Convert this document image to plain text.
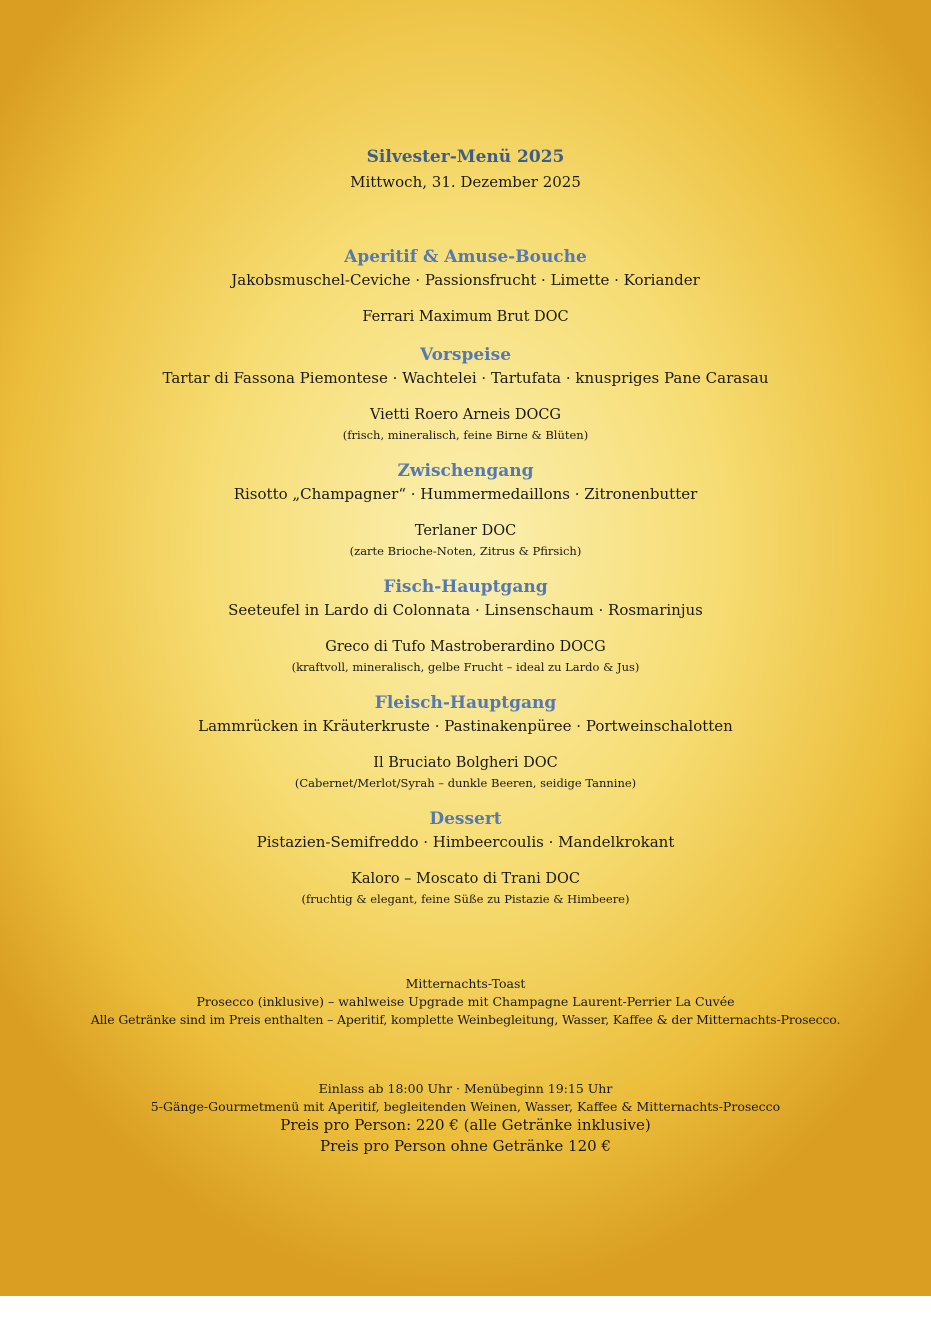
Silvester-Menü 2025
Mittwoch, 31. Dezember 2025
Aperitif & Amuse-Bouche
Jakobsmuschel-Ceviche · Passionsfrucht · Limette · Koriander
Ferrari Maximum Brut DOC
Vorspeise
Tartar di Fassona Piemontese · Wachtelei · Tartufata · knuspriges Pane Carasau
Vietti Roero Arneis DOCG
(frisch, mineralisch, feine Birne & Blüten)
Zwischengang
Risotto „Champagner“ · Hummermedaillons · Zitronenbutter
Terlaner DOC
(zarte Brioche-Noten, Zitrus & Pfirsich)
Fisch-Hauptgang
Seeteufel in Lardo di Colonnata · Linsenschaum · Rosmarinjus
Greco di Tufo Mastroberardino DOCG
(kraftvoll, mineralisch, gelbe Frucht – ideal zu Lardo & Jus)
Fleisch-Hauptgang
Lammrücken in Kräuterkruste · Pastinakenpüree · Portweinschalotten
Il Bruciato Bolgheri DOC
(Cabernet/Merlot/Syrah – dunkle Beeren, seidige Tannine)
Dessert
Pistazien-Semifreddo · Himbeercoulis · Mandelkrokant
Kaloro – Moscato di Trani DOC
(fruchtig & elegant, feine Süße zu Pistazie & Himbeere)
Mitternachts-Toast
Prosecco (inklusive) – wahlweise Upgrade mit Champagne Laurent-Perrier La Cuvée
Alle Getränke sind im Preis enthalten – Aperitif, komplette Weinbegleitung, Wasser, Kaffee & der Mitternachts-Prosecco.
Einlass ab 18:00 Uhr · Menübeginn 19:15 Uhr
5-Gänge-Gourmetmenü mit Aperitif, begleitenden Weinen, Wasser, Kaffee & Mitternachts-Prosecco
Preis pro Person: 220 € (alle Getränke inklusive)
Preis pro Person ohne Getränke 120 €
